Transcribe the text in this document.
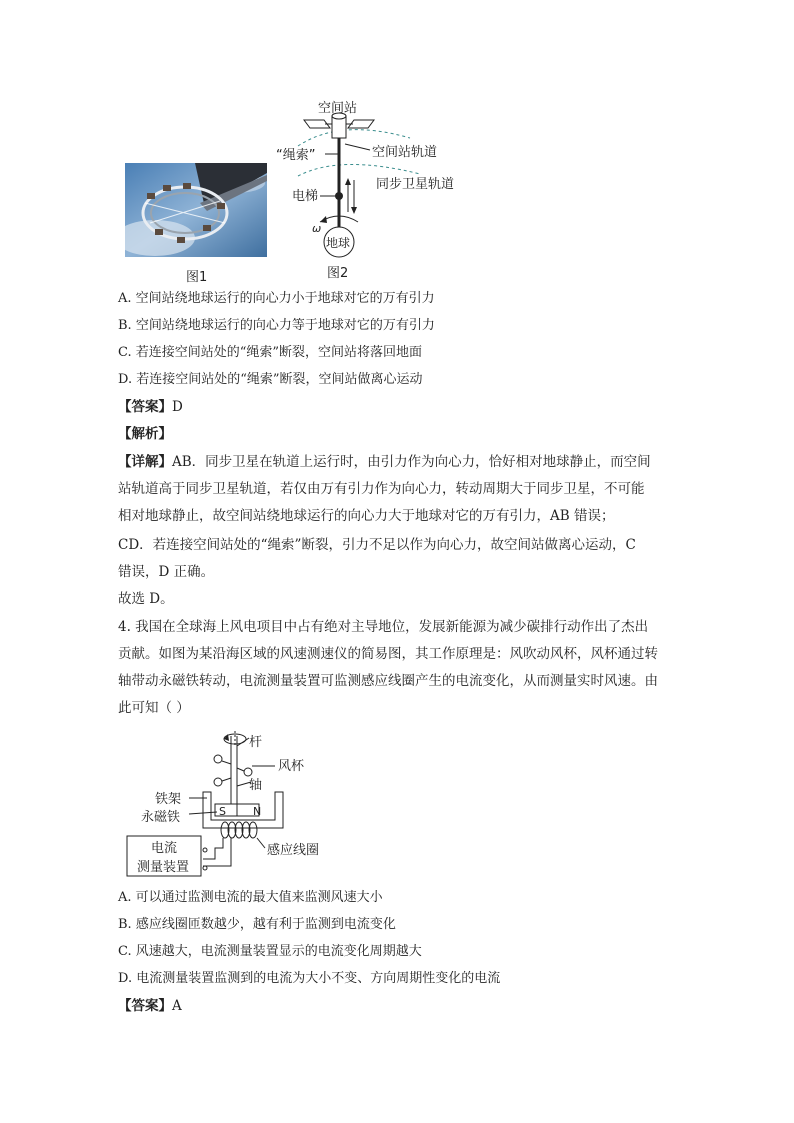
图1
空间站
“绳索”	空间站轨道
电梯
同步卫星轨道
ω
地球
图2
A. 空间站绕地球运行的向心力小于地球对它的万有引力
B. 空间站绕地球运行的向心力等于地球对它的万有引力
C. 若连接空间站处的“绳索”断裂，空间站将落回地面
D. 若连接空间站处的“绳索”断裂，空间站做离心运动
【答案】D
【解析】
【详解】AB．同步卫星在轨道上运行时，由引力作为向心力，恰好相对地球静止，而空间
站轨道高于同步卫星轨道，若仅由万有引力作为向心力，转动周期大于同步卫星，不可能
相对地球静止，故空间站绕地球运行的向心力大于地球对它的万有引力，AB 错误；
CD．若连接空间站处的“绳索”断裂，引力不足以作为向心力，故空间站做离心运动，C
错误，D 正确。
故选 D。
4. 我国在全球海上风电项目中占有绝对主导地位，发展新能源为减少碳排行动作出了杰出
贡献。如图为某沿海区域的风速测速仪的简易图，其工作原理是：风吹动风杯，风杯通过转
轴带动永磁铁转动，电流测量装置可监测感应线圈产生的电流变化，从而测量实时风速。由
此可知（ ）
S N
杆
风杯
轴
铁架
永磁铁
电流
测量装置
感应线圈
A. 可以通过监测电流的最大值来监测风速大小
B. 感应线圈匝数越少，越有利于监测到电流变化
C. 风速越大，电流测量装置显示的电流变化周期越大
D. 电流测量装置监测到的电流为大小不变、方向周期性变化的电流
【答案】A
